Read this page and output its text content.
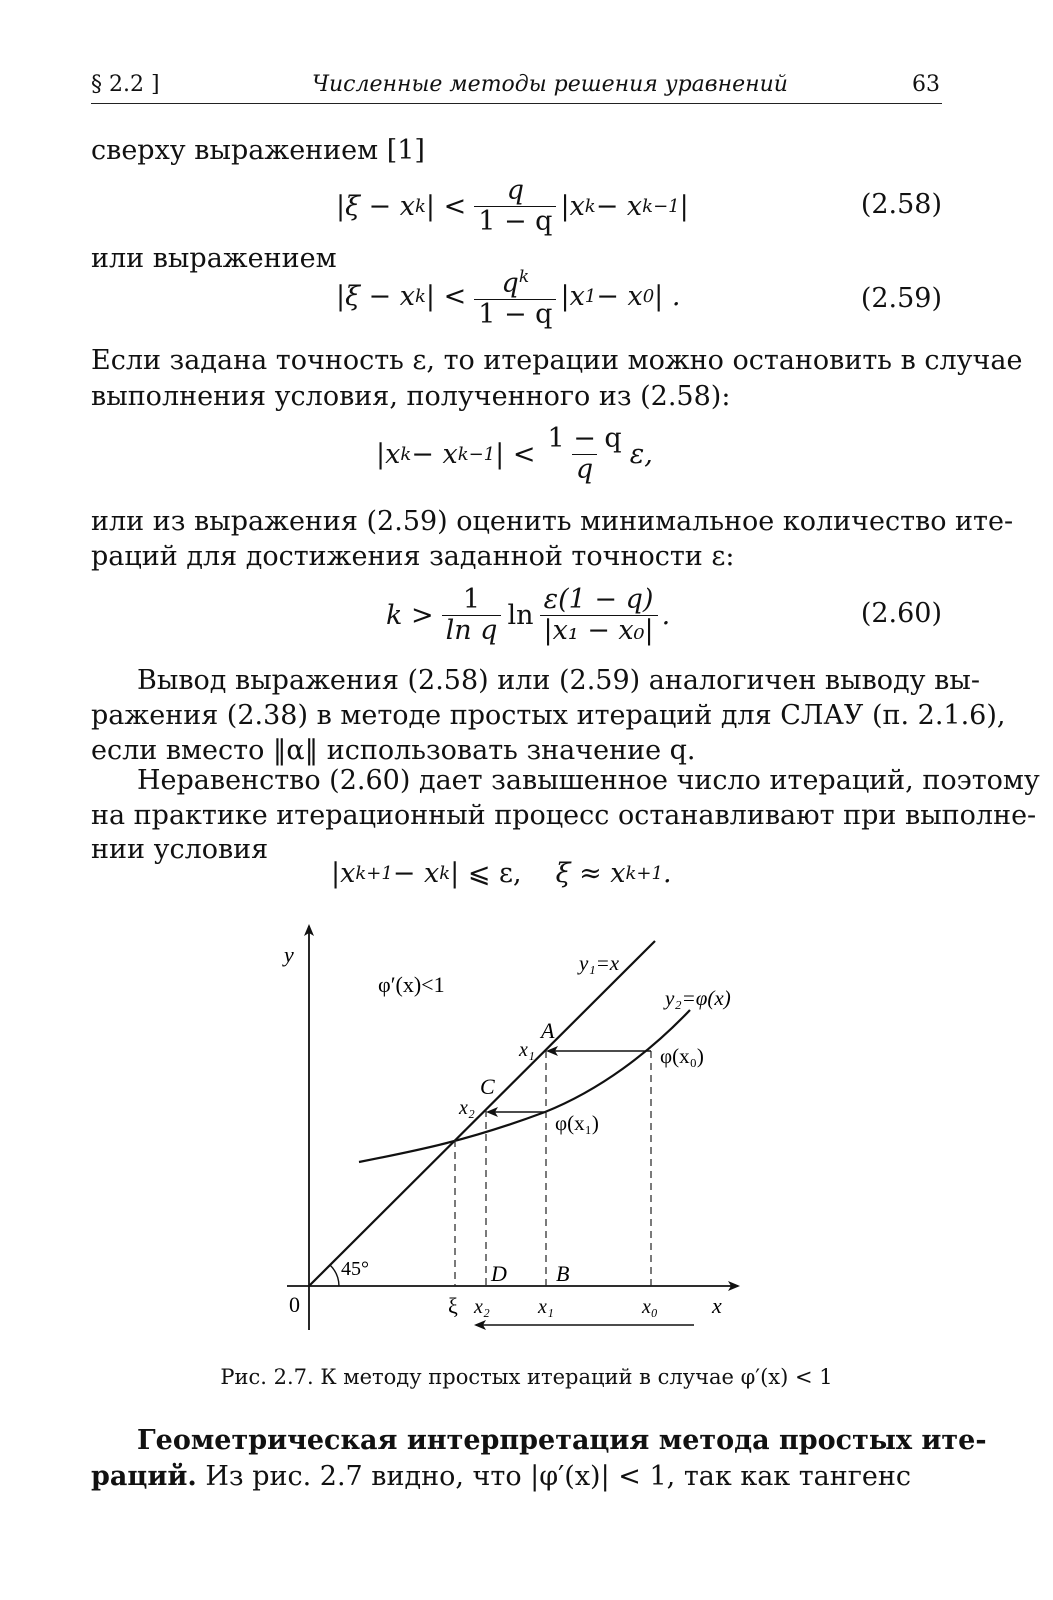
§ 2.2 ]	Численные методы решения уравнений	63
сверху выражением [1]
|ξ − x k | < $\frac{q}{1 - q} |x$ k − x k−1 |	(2.58)
или выражением
|ξ − x k | < $\frac{q^k}{1 - q} |x$ 1 − x 0 | .	(2.59)
Если задана точность ε, то итерации можно остановить в случае
выполнения условия, полученного из (2.58):
|x k − x k−1 | < $\frac{1 - q}{q} \varepsilon$,
или из выражения (2.59) оценить минимальное количество ите-
раций для достижения заданной точности ε:
$k > \frac{1}{\text{ln q}}$ $\ln \frac{\varepsilon(1 - q)}{\text{|x₁ − x₀|}}$ .	(2.60)
Вывод выражения (2.58) или (2.59) аналогичен выводу вы-
ражения (2.38) в методе простых итераций для СЛАУ (п. 2.1.6),
если вместо ‖α‖ использовать значение q.
Неравенство (2.60) дает завышенное число итераций, поэтому
на практике итерационный процесс останавливают при выполне-
нии условия
|x k+1 − x k | ⩽ ε, ξ ≈ x k+1 .
y
x
0
φ′(x)<1
y₁=x
y₂=φ(x)
A
x₁	φ(x₀)
C
x₂
φ(x₁)
45°	D B
ξ x₂ x₁	x₀
Рис. 2.7. К методу простых итераций в случае φ′(x) < 1
Геометрическая интерпретация метода простых ите-
раций. Из рис. 2.7 видно, что |φ′(x)| < 1, так как тангенс
